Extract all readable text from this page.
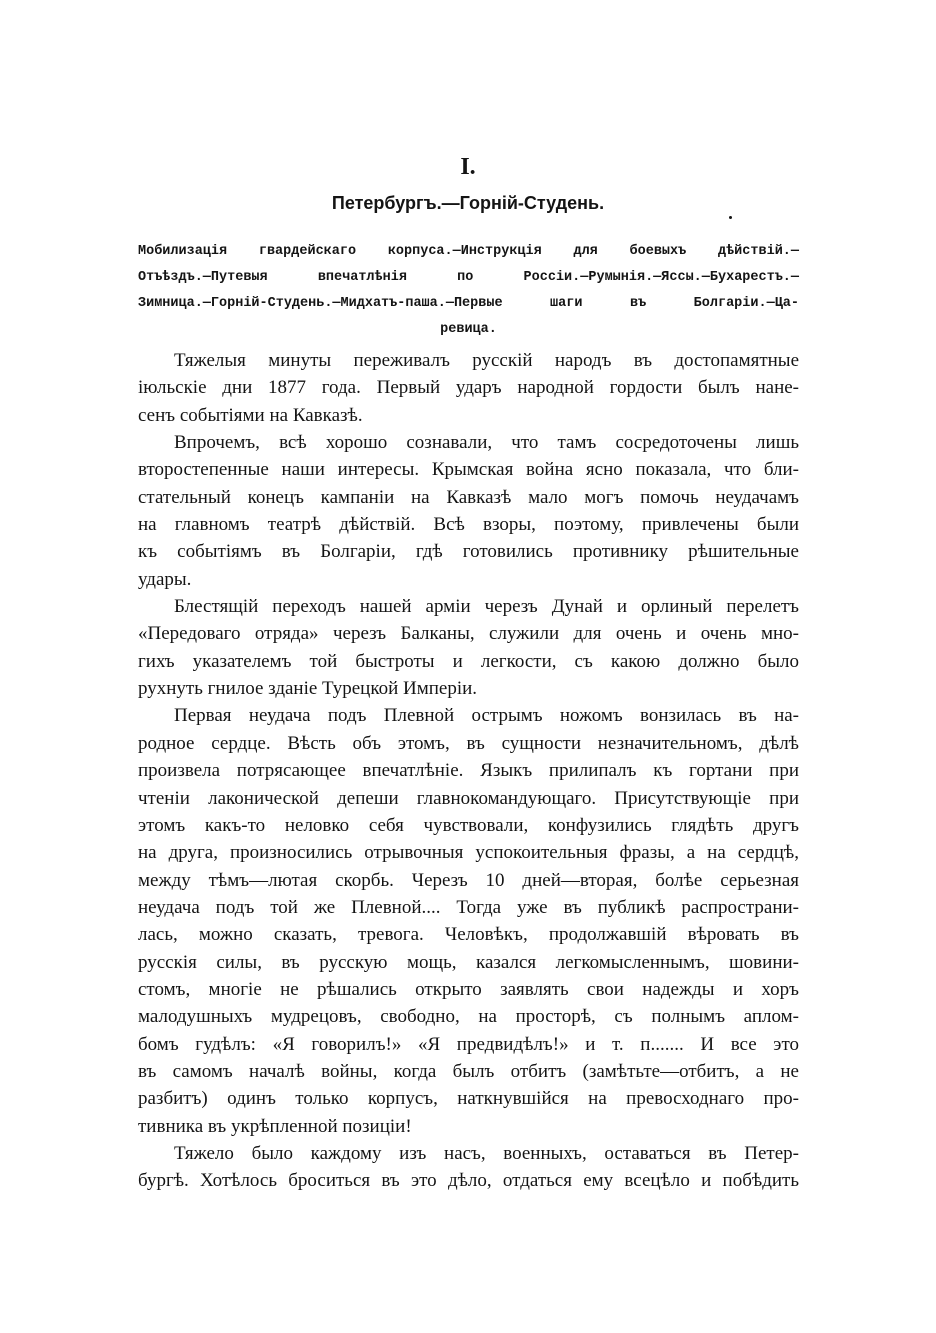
I.
Петербургъ.—Горній-Студень.
Мобилизація гвардейскаго корпуса.—Инструкція для боевыхъ дѣйствій.—
Отъѣздъ.—Путевыя впечатлѣнія по Россіи.—Румынія.—Яссы.—Бухарестъ.—
Зимница.—Горній-Студень.—Мидхатъ-паша.—Первые шаги въ Болгаріи.—Ца-
ревица.
Тяжелыя минуты переживалъ русскій народъ въ достопамятные
іюльскіе дни 1877 года. Первый ударъ народной гордости былъ нане-
сенъ событіями на Кавказѣ.
Впрочемъ, всѣ хорошо сознавали, что тамъ сосредоточены лишь
второстепенные наши интересы. Крымская война ясно показала, что бли-
стательный конецъ кампаніи на Кавказѣ мало могъ помочь неудачамъ
на главномъ театрѣ дѣйствій. Всѣ взоры, поэтому, привлечены были
къ событіямъ въ Болгаріи, гдѣ готовились противнику рѣшительные
удары.
Блестящій переходъ нашей арміи черезъ Дунай и орлиный перелетъ
«Передоваго отряда» черезъ Балканы, служили для очень и очень мно-
гихъ указателемъ той быстроты и легкости, съ какою должно было
рухнуть гнилое зданіе Турецкой Имперіи.
Первая неудача подъ Плевной острымъ ножомъ вонзилась въ на-
родное сердце. Вѣсть объ этомъ, въ сущности незначительномъ, дѣлѣ
произвела потрясающее впечатлѣніе. Языкъ прилипалъ къ гортани при
чтеніи лаконической депеши главнокомандующаго. Присутствующіе при
этомъ какъ-то неловко себя чувствовали, конфузились глядѣть другъ
на друга, произносились отрывочныя успокоительныя фразы, а на сердцѣ,
между тѣмъ—лютая скорбь. Черезъ 10 дней—вторая, болѣе серьезная
неудача подъ той же Плевной.... Тогда уже въ публикѣ распространи-
лась, можно сказать, тревога. Человѣкъ, продолжавшій вѣровать въ
русскія силы, въ русскую мощь, казался легкомысленнымъ, шовини-
стомъ, многіе не рѣшались открыто заявлять свои надежды и хоръ
малодушныхъ мудрецовъ, свободно, на просторѣ, съ полнымъ аплом-
бомъ гудѣлъ: «Я говорилъ!» «Я предвидѣлъ!» и т. п....... И все это
въ самомъ началѣ войны, когда былъ отбитъ (замѣтьте—отбитъ, а не
разбитъ) одинъ только корпусъ, наткнувшійся на превосходнаго про-
тивника въ укрѣпленной позиціи!
Тяжело было каждому изъ насъ, военныхъ, оставаться въ Петер-
бургѣ. Хотѣлось броситься въ это дѣло, отдаться ему всецѣло и побѣдить
